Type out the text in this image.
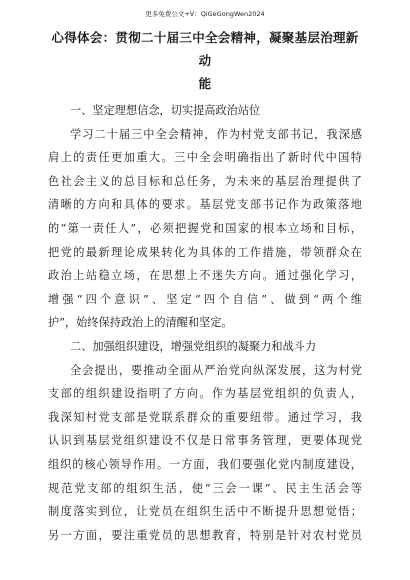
更多免费公文+V：QiGeGongWen2024
心得体会：贯彻二十届三中全会精神，凝聚基层治理新动
能
一、坚定理想信念，切实提高政治站位
学习二十届三中全会精神，作为村党支部书记，我深感
肩上的责任更加重大。三中全会明确指出了新时代中国特
色社会主义的总目标和总任务，为未来的基层治理提供了
清晰的方向和具体的要求。基层党支部书记作为政策落地
的“第一责任人”，必须把握党和国家的根本立场和目标，
把党的最新理论成果转化为具体的工作措施，带领群众在
政治上站稳立场，在思想上不迷失方向。通过强化学习，
增强“四个意识”、坚定“四个自信”、做到“两个维
护”，始终保持政治上的清醒和坚定。
二、加强组织建设，增强党组织的凝聚力和战斗力
全会提出，要推动全面从严治党向纵深发展，这为村党
支部的组织建设指明了方向。作为基层党组织的负责人，
我深知村党支部是党联系群众的重要纽带。通过学习，我
认识到基层党组织建设不仅是日常事务管理，更要体现党
组织的核心领导作用。一方面，我们要强化党内制度建设，
规范党支部的组织生活，使“三会一课”、民主生活会等
制度落实到位，让党员在组织生活中不断提升思想觉悟；
另一方面，要注重党员的思想教育，特别是针对农村党员
